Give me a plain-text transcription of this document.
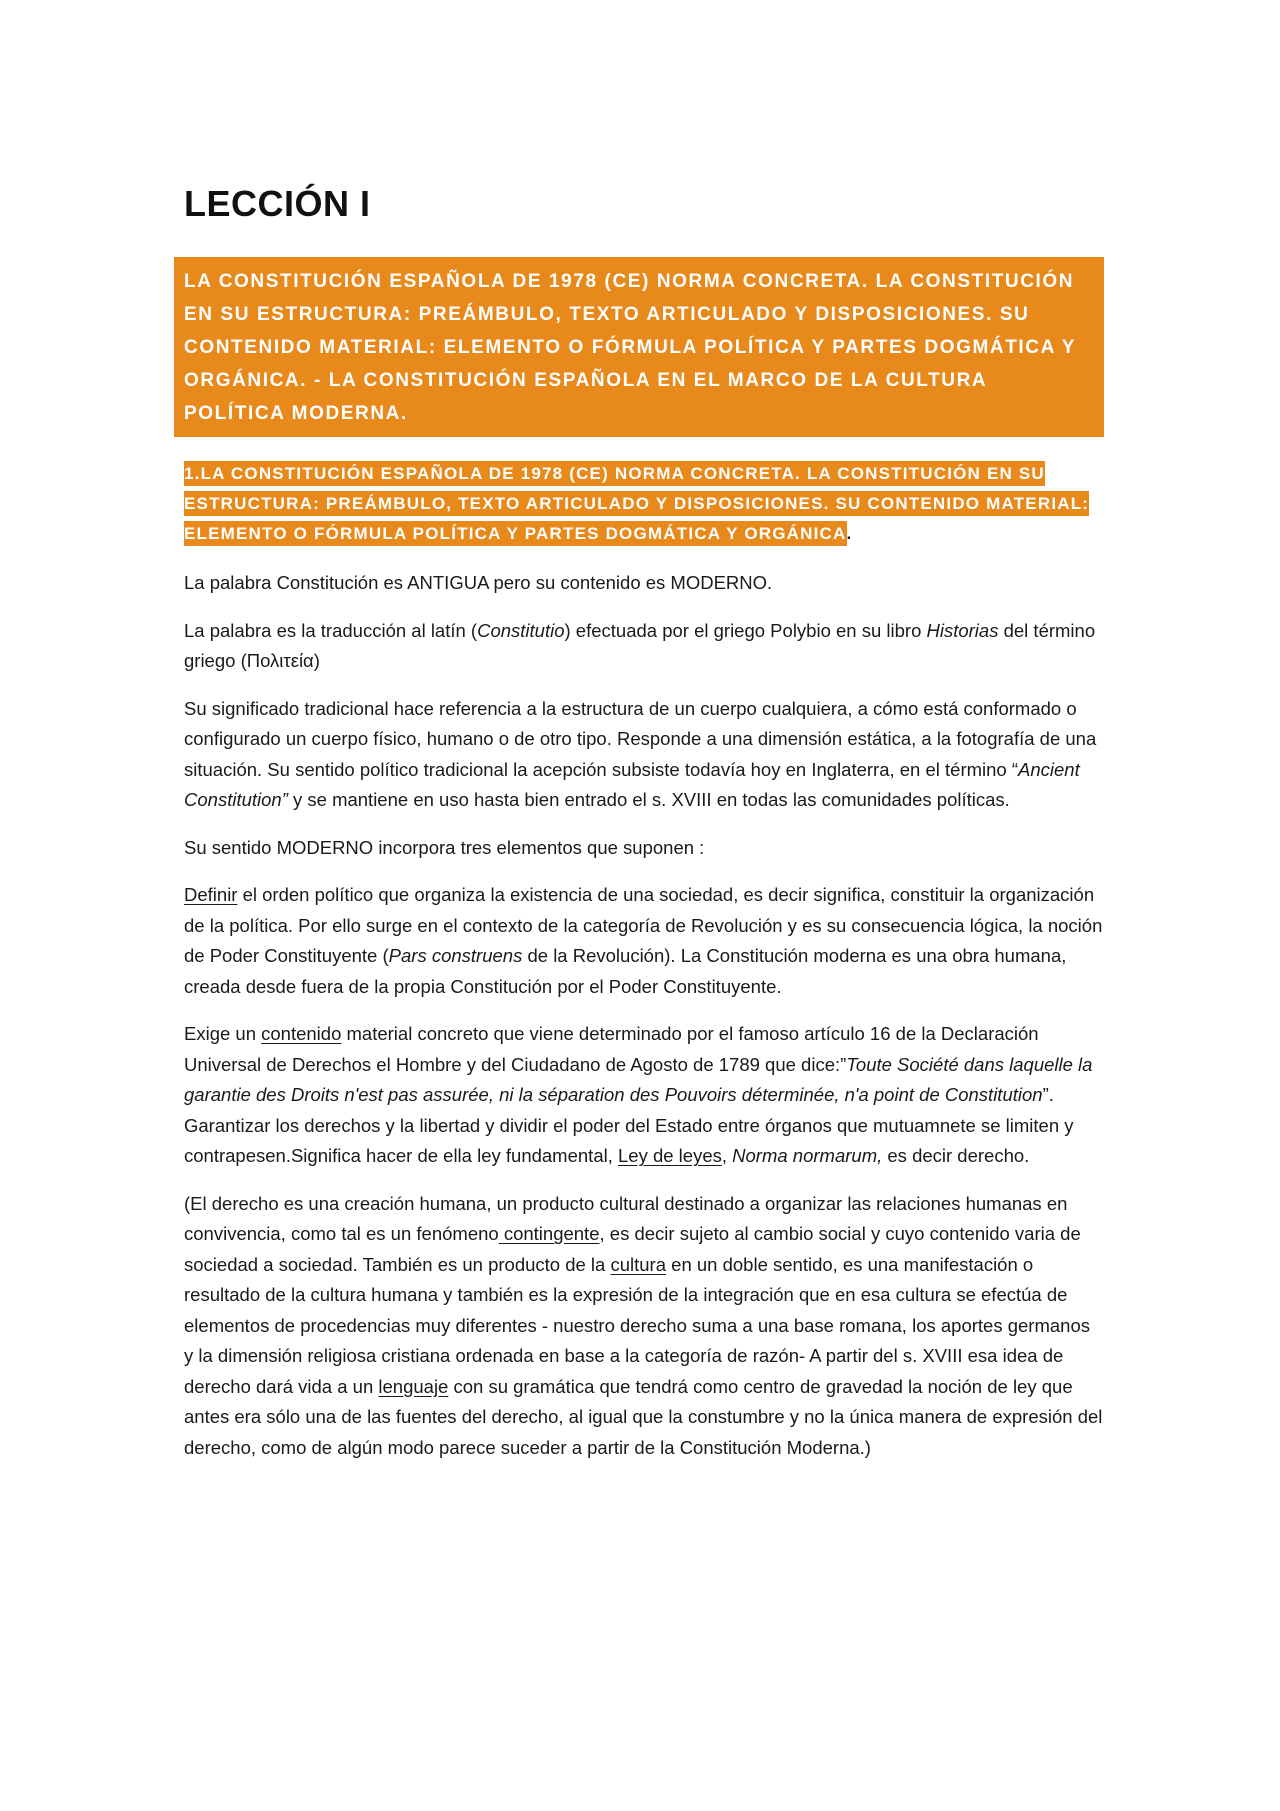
LECCIÓN I

LA CONSTITUCIÓN ESPAÑOLA DE 1978 (CE) NORMA CONCRETA. LA CONSTITUCIÓN EN SU ESTRUCTURA: PREÁMBULO, TEXTO ARTICULADO Y DISPOSICIONES. SU CONTENIDO MATERIAL: ELEMENTO O FÓRMULA POLÍTICA Y PARTES DOGMÁTICA Y ORGÁNICA. - LA CONSTITUCIÓN ESPAÑOLA EN EL MARCO DE LA CULTURA POLÍTICA MODERNA.

1.LA CONSTITUCIÓN ESPAÑOLA DE 1978 (CE) NORMA CONCRETA. LA CONSTITUCIÓN EN SU ESTRUCTURA: PREÁMBULO, TEXTO ARTICULADO Y DISPOSICIONES. SU CONTENIDO MATERIAL: ELEMENTO O FÓRMULA POLÍTICA Y PARTES DOGMÁTICA Y ORGÁNICA.

La palabra Constitución es ANTIGUA pero su contenido es MODERNO.

La palabra es la traducción al latín (Constitutio) efectuada por el griego Polybio en su libro Historias del término griego (Πολιτεία)

Su significado tradicional hace referencia a la estructura de un cuerpo cualquiera, a cómo está conformado o configurado un cuerpo físico, humano o de otro tipo. Responde a una dimensión estática, a la fotografía de una situación. Su sentido político tradicional la acepción subsiste todavía hoy en Inglaterra, en el término “Ancient Constitution” y se mantiene en uso hasta bien entrado el s. XVIII en todas las comunidades políticas.

Su sentido MODERNO incorpora tres elementos que suponen :

Definir el orden político que organiza la existencia de una sociedad, es decir significa, constituir la organización de la política. Por ello surge en el contexto de la categoría de Revolución y es su consecuencia lógica, la noción de Poder Constituyente (Pars construens de la Revolución). La Constitución moderna es una obra humana, creada desde fuera de la propia Constitución por el Poder Constituyente.

Exige un contenido material concreto que viene determinado por el famoso artículo 16 de la Declaración Universal de Derechos el Hombre y del Ciudadano de Agosto de 1789 que dice:”Toute Société dans laquelle la garantie des Droits n'est pas assurée, ni la séparation des Pouvoirs déterminée, n'a point de Constitution”. Garantizar los derechos y la libertad y dividir el poder del Estado entre órganos que mutuamnete se limiten y contrapesen.Significa hacer de ella ley fundamental, Ley de leyes, Norma normarum, es decir derecho.

(El derecho es una creación humana, un producto cultural destinado a organizar las relaciones humanas en convivencia, como tal es un fenómeno contingente, es decir sujeto al cambio social y cuyo contenido varia de sociedad a sociedad. También es un producto de la cultura en un doble sentido, es una manifestación o resultado de la cultura humana y también es la expresión de la integración que en esa cultura se efectúa de elementos de procedencias muy diferentes - nuestro derecho suma a una base romana, los aportes germanos y la dimensión religiosa cristiana ordenada en base a la categoría de razón- A partir del s. XVIII esa idea de derecho dará vida a un lenguaje con su gramática que tendrá como centro de gravedad la noción de ley que antes era sólo una de las fuentes del derecho, al igual que la constumbre y no la única manera de expresión del derecho, como de algún modo parece suceder a partir de la Constitución Moderna.)
